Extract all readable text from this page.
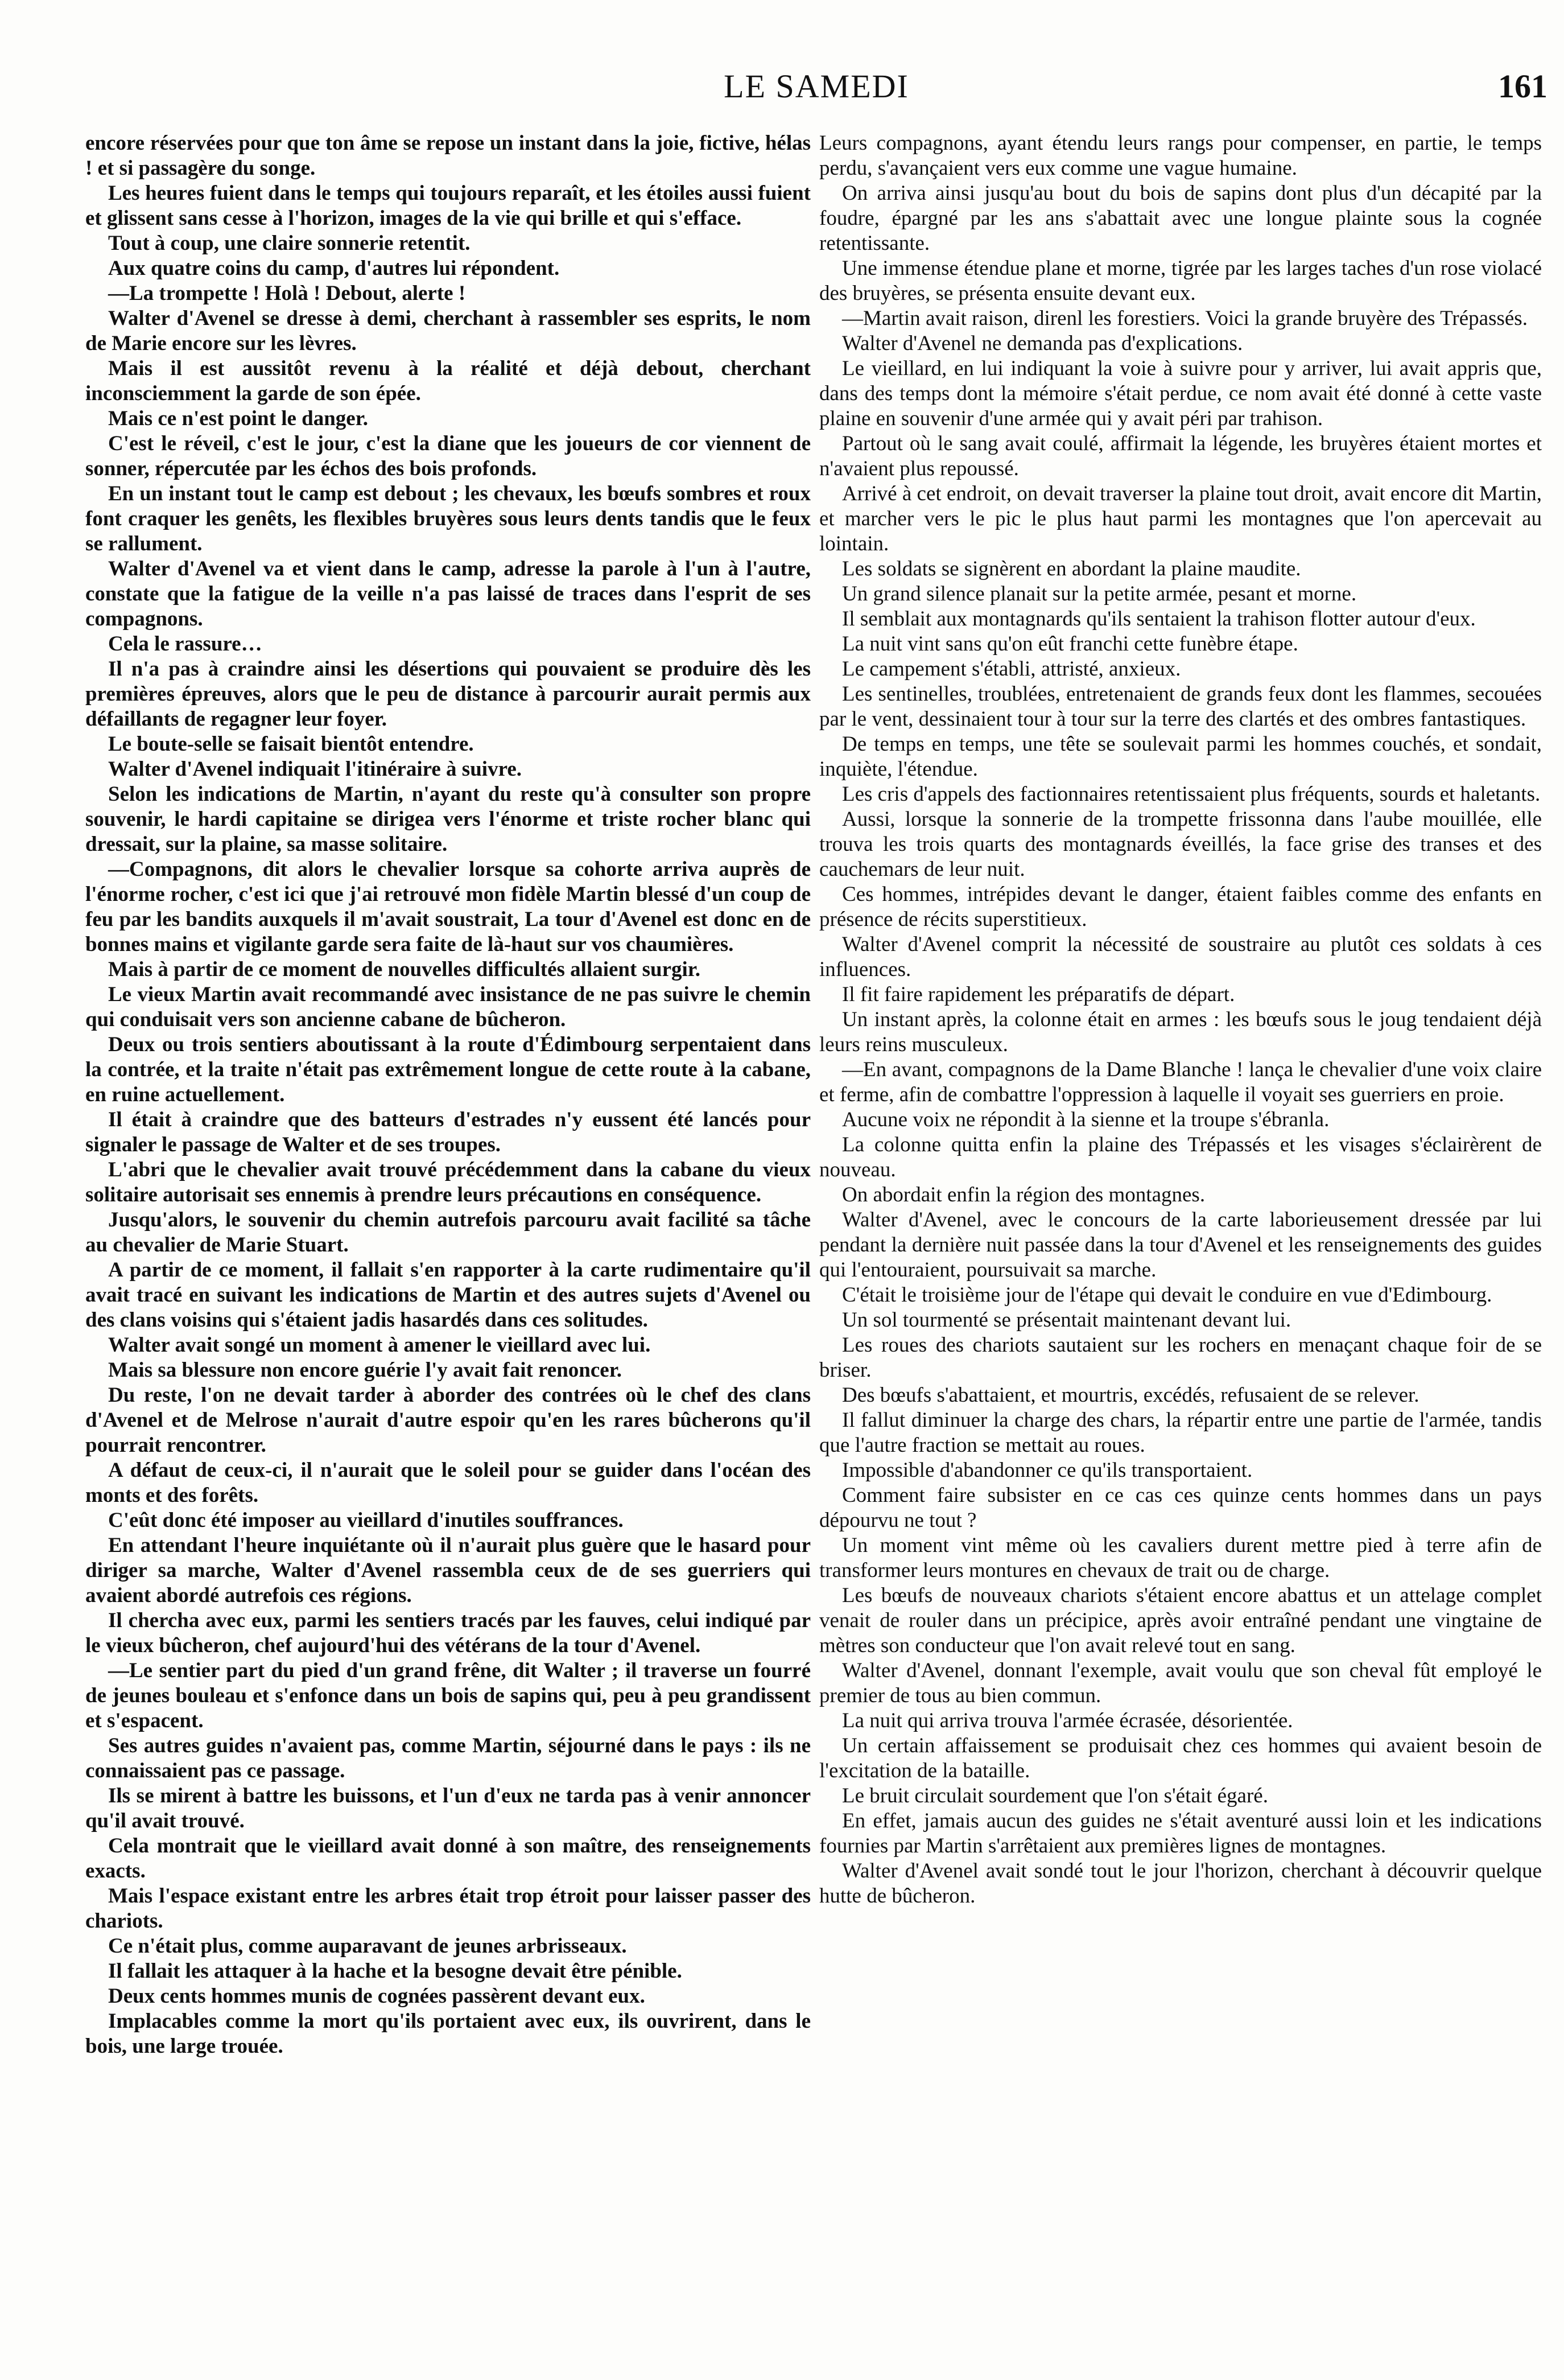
LE SAMEDI	161

encore réservées pour que ton âme se repose un instant dans la joie, fictive, hélas ! et si passagère du songe.

Les heures fuient dans le temps qui toujours reparaît, et les étoiles aussi fuient et glissent sans cesse à l'horizon, images de la vie qui brille et qui s'efface.

Tout à coup, une claire sonnerie retentit.

Aux quatre coins du camp, d'autres lui répondent.

—La trompette ! Holà ! Debout, alerte !

Walter d'Avenel se dresse à demi, cherchant à rassembler ses esprits, le nom de Marie encore sur les lèvres.

Mais il est aussitôt revenu à la réalité et déjà debout, cherchant inconsciemment la garde de son épée.

Mais ce n'est point le danger.

C'est le réveil, c'est le jour, c'est la diane que les joueurs de cor viennent de sonner, répercutée par les échos des bois profonds.

En un instant tout le camp est debout ; les chevaux, les bœufs sombres et roux font craquer les genêts, les flexibles bruyères sous leurs dents tandis que le feux se rallument.

Walter d'Avenel va et vient dans le camp, adresse la parole à l'un à l'autre, constate que la fatigue de la veille n'a pas laissé de traces dans l'esprit de ses compagnons.

Cela le rassure…

Il n'a pas à craindre ainsi les désertions qui pouvaient se produire dès les premières épreuves, alors que le peu de distance à parcourir aurait permis aux défaillants de regagner leur foyer.

Le boute-selle se faisait bientôt entendre.

Walter d'Avenel indiquait l'itinéraire à suivre.

Selon les indications de Martin, n'ayant du reste qu'à consulter son propre souvenir, le hardi capitaine se dirigea vers l'énorme et triste rocher blanc qui dressait, sur la plaine, sa masse solitaire.

—Compagnons, dit alors le chevalier lorsque sa cohorte arriva auprès de l'énorme rocher, c'est ici que j'ai retrouvé mon fidèle Martin blessé d'un coup de feu par les bandits auxquels il m'avait soustrait, La tour d'Avenel est donc en de bonnes mains et vigilante garde sera faite de là-haut sur vos chaumières.

Mais à partir de ce moment de nouvelles difficultés allaient surgir.

Le vieux Martin avait recommandé avec insistance de ne pas suivre le chemin qui conduisait vers son ancienne cabane de bûcheron.

Deux ou trois sentiers aboutissant à la route d'Édimbourg serpentaient dans la contrée, et la traite n'était pas extrêmement longue de cette route à la cabane, en ruine actuellement.

Il était à craindre que des batteurs d'estrades n'y eussent été lancés pour signaler le passage de Walter et de ses troupes.

L'abri que le chevalier avait trouvé précédemment dans la cabane du vieux solitaire autorisait ses ennemis à prendre leurs précautions en conséquence.

Jusqu'alors, le souvenir du chemin autrefois parcouru avait facilité sa tâche au chevalier de Marie Stuart.

A partir de ce moment, il fallait s'en rapporter à la carte rudimentaire qu'il avait tracé en suivant les indications de Martin et des autres sujets d'Avenel ou des clans voisins qui s'étaient jadis hasardés dans ces solitudes.

Walter avait songé un moment à amener le vieillard avec lui.

Mais sa blessure non encore guérie l'y avait fait renoncer.

Du reste, l'on ne devait tarder à aborder des contrées où le chef des clans d'Avenel et de Melrose n'aurait d'autre espoir qu'en les rares bûcherons qu'il pourrait rencontrer.

A défaut de ceux-ci, il n'aurait que le soleil pour se guider dans l'océan des monts et des forêts.

C'eût donc été imposer au vieillard d'inutiles souffrances.

En attendant l'heure inquiétante où il n'aurait plus guère que le hasard pour diriger sa marche, Walter d'Avenel rassembla ceux de de ses guerriers qui avaient abordé autrefois ces régions.

Il chercha avec eux, parmi les sentiers tracés par les fauves, celui indiqué par le vieux bûcheron, chef aujourd'hui des vétérans de la tour d'Avenel.

—Le sentier part du pied d'un grand frêne, dit Walter ; il traverse un fourré de jeunes bouleau et s'enfonce dans un bois de sapins qui, peu à peu grandissent et s'espacent.

Ses autres guides n'avaient pas, comme Martin, séjourné dans le pays : ils ne connaissaient pas ce passage.

Ils se mirent à battre les buissons, et l'un d'eux ne tarda pas à venir annoncer qu'il avait trouvé.

Cela montrait que le vieillard avait donné à son maître, des renseignements exacts.

Mais l'espace existant entre les arbres était trop étroit pour laisser passer des chariots.

Ce n'était plus, comme auparavant de jeunes arbrisseaux.

Il fallait les attaquer à la hache et la besogne devait être pénible.

Deux cents hommes munis de cognées passèrent devant eux.

Implacables comme la mort qu'ils portaient avec eux, ils ouvrirent, dans le bois, une large trouée.

Leurs compagnons, ayant étendu leurs rangs pour compenser, en partie, le temps perdu, s'avançaient vers eux comme une vague humaine.

On arriva ainsi jusqu'au bout du bois de sapins dont plus d'un décapité par la foudre, épargné par les ans s'abattait avec une longue plainte sous la cognée retentissante.

Une immense étendue plane et morne, tigrée par les larges taches d'un rose violacé des bruyères, se présenta ensuite devant eux.

—Martin avait raison, direnl les forestiers. Voici la grande bruyère des Trépassés.

Walter d'Avenel ne demanda pas d'explications.

Le vieillard, en lui indiquant la voie à suivre pour y arriver, lui avait appris que, dans des temps dont la mémoire s'était perdue, ce nom avait été donné à cette vaste plaine en souvenir d'une armée qui y avait péri par trahison.

Partout où le sang avait coulé, affirmait la légende, les bruyères étaient mortes et n'avaient plus repoussé.

Arrivé à cet endroit, on devait traverser la plaine tout droit, avait encore dit Martin, et marcher vers le pic le plus haut parmi les montagnes que l'on apercevait au lointain.

Les soldats se signèrent en abordant la plaine maudite.

Un grand silence planait sur la petite armée, pesant et morne.

Il semblait aux montagnards qu'ils sentaient la trahison flotter autour d'eux.

La nuit vint sans qu'on eût franchi cette funèbre étape.

Le campement s'établi, attristé, anxieux.

Les sentinelles, troublées, entretenaient de grands feux dont les flammes, secouées par le vent, dessinaient tour à tour sur la terre des clartés et des ombres fantastiques.

De temps en temps, une tête se soulevait parmi les hommes couchés, et sondait, inquiète, l'étendue.

Les cris d'appels des factionnaires retentissaient plus fréquents, sourds et haletants.

Aussi, lorsque la sonnerie de la trompette frissonna dans l'aube mouillée, elle trouva les trois quarts des montagnards éveillés, la face grise des transes et des cauchemars de leur nuit.

Ces hommes, intrépides devant le danger, étaient faibles comme des enfants en présence de récits superstitieux.

Walter d'Avenel comprit la nécessité de soustraire au plutôt ces soldats à ces influences.

Il fit faire rapidement les préparatifs de départ.

Un instant après, la colonne était en armes : les bœufs sous le joug tendaient déjà leurs reins musculeux.

—En avant, compagnons de la Dame Blanche ! lança le chevalier d'une voix claire et ferme, afin de combattre l'oppression à laquelle il voyait ses guerriers en proie.

Aucune voix ne répondit à la sienne et la troupe s'ébranla.

La colonne quitta enfin la plaine des Trépassés et les visages s'éclairèrent de nouveau.

On abordait enfin la région des montagnes.

Walter d'Avenel, avec le concours de la carte laborieusement dressée par lui pendant la dernière nuit passée dans la tour d'Avenel et les renseignements des guides qui l'entouraient, poursuivait sa marche.

C'était le troisième jour de l'étape qui devait le conduire en vue d'Edimbourg.

Un sol tourmenté se présentait maintenant devant lui.

Les roues des chariots sautaient sur les rochers en menaçant chaque foir de se briser.

Des bœufs s'abattaient, et mourtris, excédés, refusaient de se relever.

Il fallut diminuer la charge des chars, la répartir entre une partie de l'armée, tandis que l'autre fraction se mettait au roues.

Impossible d'abandonner ce qu'ils transportaient.

Comment faire subsister en ce cas ces quinze cents hommes dans un pays dépourvu ne tout ?

Un moment vint même où les cavaliers durent mettre pied à terre afin de transformer leurs montures en chevaux de trait ou de charge.

Les bœufs de nouveaux chariots s'étaient encore abattus et un attelage complet venait de rouler dans un précipice, après avoir entraîné pendant une vingtaine de mètres son conducteur que l'on avait relevé tout en sang.

Walter d'Avenel, donnant l'exemple, avait voulu que son cheval fût employé le premier de tous au bien commun.

La nuit qui arriva trouva l'armée écrasée, désorientée.

Un certain affaissement se produisait chez ces hommes qui avaient besoin de l'excitation de la bataille.

Le bruit circulait sourdement que l'on s'était égaré.

En effet, jamais aucun des guides ne s'était aventuré aussi loin et les indications fournies par Martin s'arrêtaient aux premières lignes de montagnes.

Walter d'Avenel avait sondé tout le jour l'horizon, cherchant à découvrir quelque hutte de bûcheron.
